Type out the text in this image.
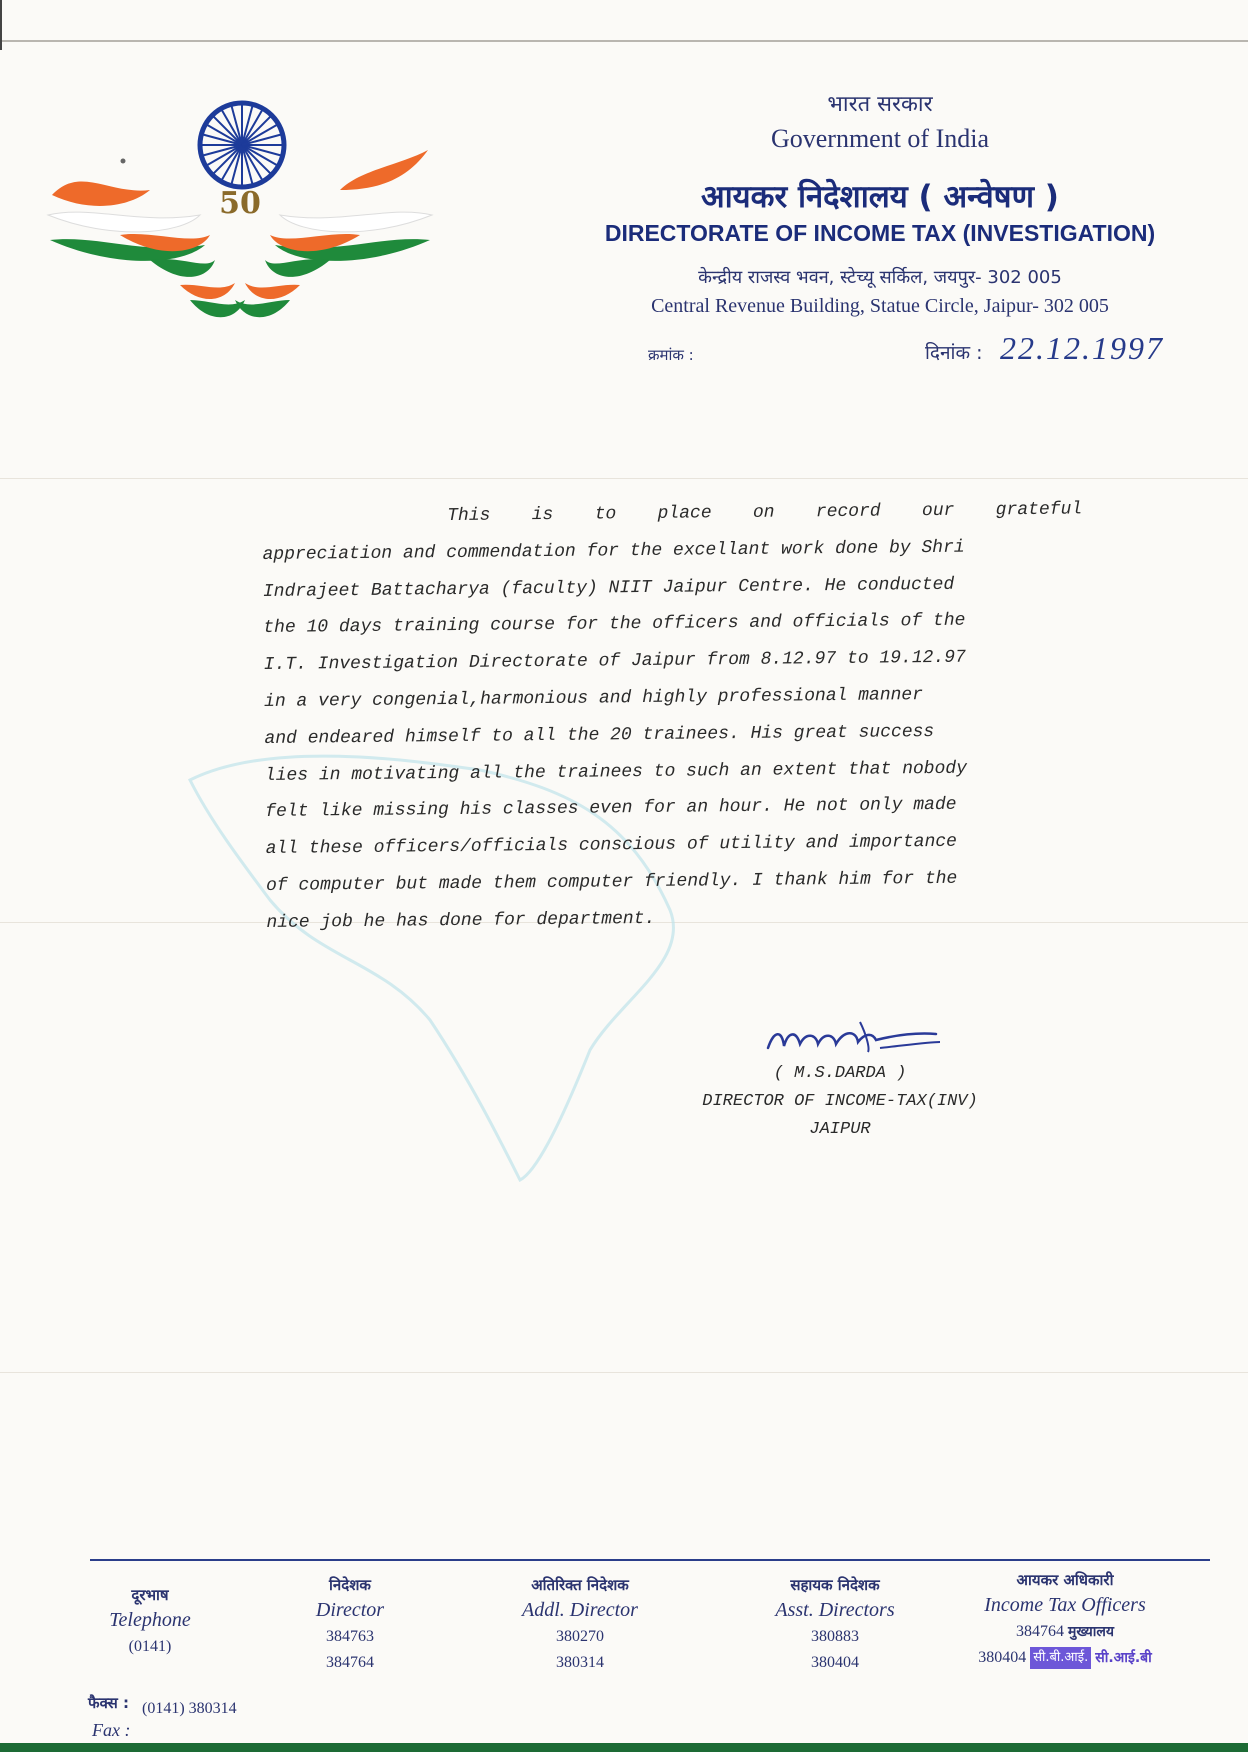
50
भारत सरकार
Government of India
आयकर निदेशालय ( अन्वेषण )
DIRECTORATE OF INCOME TAX (INVESTIGATION)
केन्द्रीय राजस्व भवन, स्टेच्यू सर्किल, जयपुर- 302 005
Central Revenue Building, Statue Circle, Jaipur- 302 005
क्रमांक :	दिनांक : 22.12.1997
This is to place on record our grateful
appreciation and commendation for the excellant work done by Shri
Indrajeet Battacharya (faculty) NIIT Jaipur Centre. He conducted
the 10 days training course for the officers and officials of the
I.T. Investigation Directorate of Jaipur from 8.12.97 to 19.12.97
in a very congenial,harmonious and highly professional manner
and endeared himself to all the 20 trainees. His great success
lies in motivating all the trainees to such an extent that nobody
felt like missing his classes even for an hour. He not only made
all these officers/officials conscious of utility and importance
of computer but made them computer friendly. I thank him for the
nice job he has done for department.
( M.S.DARDA )
DIRECTOR OF INCOME-TAX(INV)
JAIPUR
दूरभाष
Telephone
(0141)
निदेशक
Director
384763
384764
अतिरिक्त निदेशक
Addl. Director
380270
380314
सहायक निदेशक
Asst. Directors
380883
380404
आयकर अधिकारी
Income Tax Officers
384764 मुख्यालय
380404 सी.बी.आई. सी.आई.बी
फैक्स : (0141) 380314
Fax :
